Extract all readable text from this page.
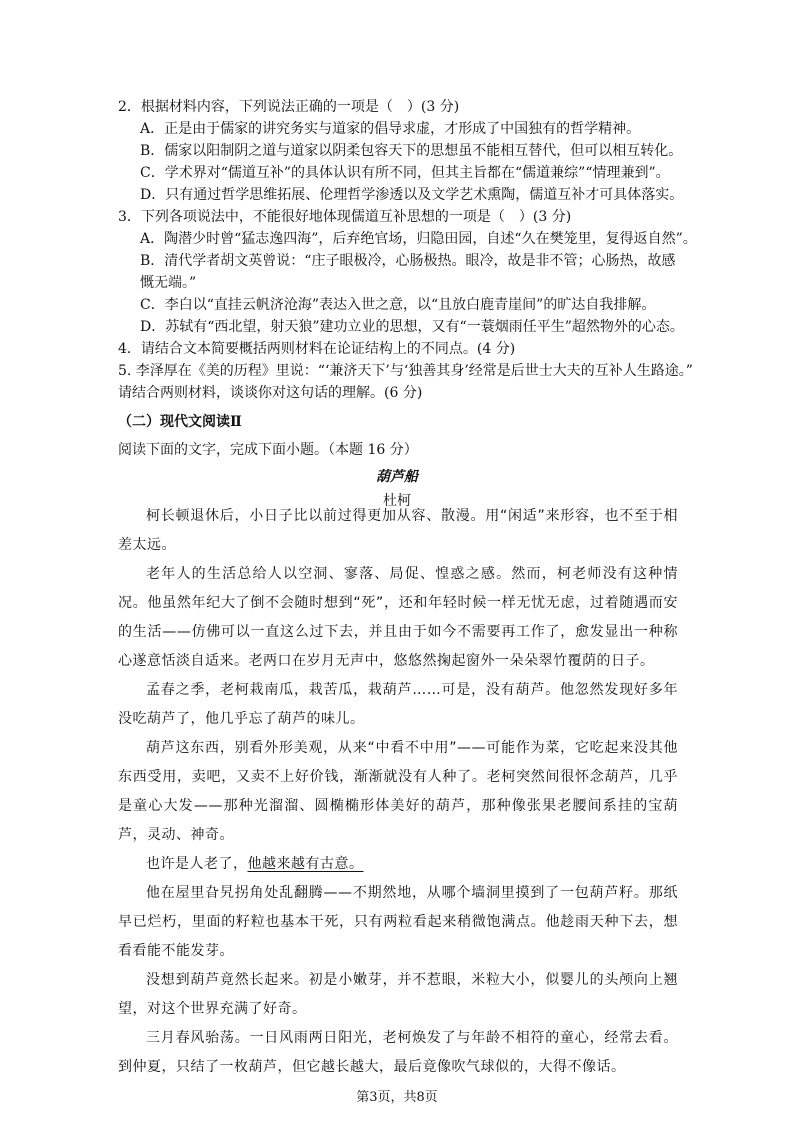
2．根据材料内容，下列说法正确的一项是（　）(3 分)
A．正是由于儒家的讲究务实与道家的倡导求虚，才形成了中国独有的哲学精神。
B．儒家以阳制阴之道与道家以阴柔包容天下的思想虽不能相互替代，但可以相互转化。
C．学术界对“儒道互补”的具体认识有所不同，但其主旨都在“儒道兼综”“情理兼到”。
D．只有通过哲学思维拓展、伦理哲学渗透以及文学艺术熏陶，儒道互补才可具体落实。
3．下列各项说法中，不能很好地体现儒道互补思想的一项是（　）(3 分)
A．陶潜少时曾“猛志逸四海”，后弃绝官场，归隐田园，自述“久在樊笼里，复得返自然”。
B．清代学者胡文英曾说：“庄子眼极冷，心肠极热。眼冷，故是非不管；心肠热，故感
慨无端。”
C．李白以“直挂云帆济沧海”表达入世之意，以“且放白鹿青崖间”的旷达自我排解。
D．苏轼有“西北望，射天狼”建功立业的思想，又有“一蓑烟雨任平生”超然物外的心态。
4．请结合文本简要概括两则材料在论证结构上的不同点。(4 分)
5. 李泽厚在《美的历程》里说：“‘兼济天下’与‘独善其身’经常是后世士大夫的互补人生路途。”
请结合两则材料，谈谈你对这句话的理解。(6 分)
（二）现代文阅读Ⅱ
阅读下面的文字，完成下面小题。（本题 16 分）
葫芦船
杜柯
柯长顿退休后，小日子比以前过得更加从容、散漫。用“闲适”来形容，也不至于相差太远。
老年人的生活总给人以空洞、寥落、局促、惶惑之感。然而，柯老师没有这种情况。他虽然年纪大了倒不会随时想到“死”，还和年轻时候一样无忧无虑，过着随遇而安的生活——仿佛可以一直这么过下去，并且由于如今不需要再工作了，愈发显出一种称心遂意恬淡自适来。老两口在岁月无声中，悠悠然掬起窗外一朵朵翠竹覆荫的日子。
孟春之季，老柯栽南瓜，栽苦瓜，栽葫芦……可是，没有葫芦。他忽然发现好多年没吃葫芦了，他几乎忘了葫芦的味儿。
葫芦这东西，别看外形美观，从来“中看不中用”——可能作为菜，它吃起来没其他东西受用，卖吧，又卖不上好价钱，渐渐就没有人种了。老柯突然间很怀念葫芦，几乎是童心大发——那种光溜溜、圆椭椭形体美好的葫芦，那种像张果老腰间系挂的宝葫芦，灵动、神奇。
也许是人老了，他越来越有古意。
他在屋里旮旯拐角处乱翻腾——不期然地，从哪个墙洞里摸到了一包葫芦籽。那纸早已烂朽，里面的籽粒也基本干死，只有两粒看起来稍微饱满点。他趁雨天种下去，想看看能不能发芽。
没想到葫芦竟然长起来。初是小嫩芽，并不惹眼，米粒大小，似婴儿的头颅向上翘望，对这个世界充满了好奇。
三月春风骀荡。一日风雨两日阳光，老柯焕发了与年龄不相符的童心，经常去看。到仲夏，只结了一枚葫芦，但它越长越大，最后竟像吹气球似的，大得不像话。
第3页，共8页
